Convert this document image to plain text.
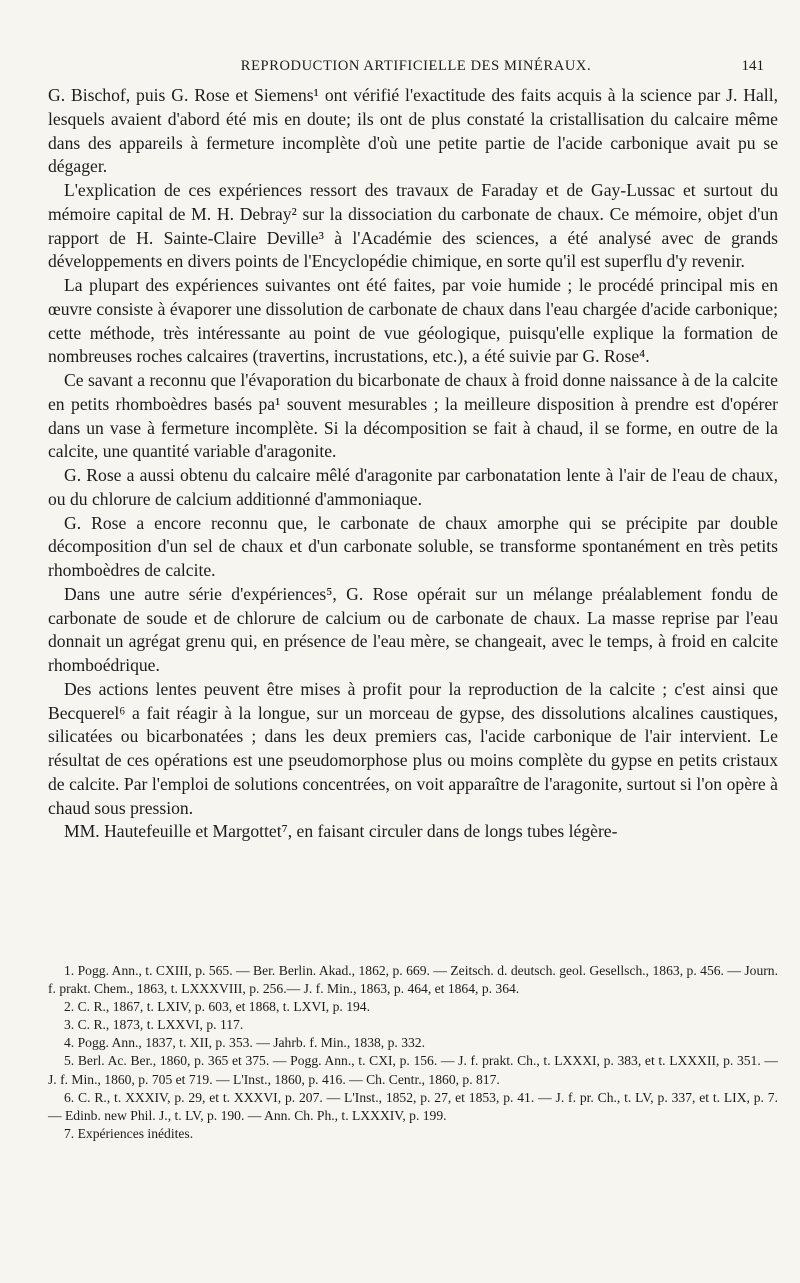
REPRODUCTION ARTIFICIELLE DES MINÉRAUX.	141

G. Bischof, puis G. Rose et Siemens¹ ont vérifié l'exactitude des faits acquis à la science par J. Hall, lesquels avaient d'abord été mis en doute; ils ont de plus constaté la cristallisation du calcaire même dans des appareils à fermeture incomplète d'où une petite partie de l'acide carbonique avait pu se dégager.

L'explication de ces expériences ressort des travaux de Faraday et de Gay-Lussac et surtout du mémoire capital de M. H. Debray² sur la dissociation du carbonate de chaux. Ce mémoire, objet d'un rapport de H. Sainte-Claire Deville³ à l'Académie des sciences, a été analysé avec de grands développements en divers points de l'Encyclopédie chimique, en sorte qu'il est superflu d'y revenir.

La plupart des expériences suivantes ont été faites, par voie humide ; le procédé principal mis en œuvre consiste à évaporer une dissolution de carbonate de chaux dans l'eau chargée d'acide carbonique; cette méthode, très intéressante au point de vue géologique, puisqu'elle explique la formation de nombreuses roches calcaires (travertins, incrustations, etc.), a été suivie par G. Rose⁴.

Ce savant a reconnu que l'évaporation du bicarbonate de chaux à froid donne naissance à de la calcite en petits rhomboèdres basés pa¹ souvent mesurables ; la meilleure disposition à prendre est d'opérer dans un vase à fermeture incomplète. Si la décomposition se fait à chaud, il se forme, en outre de la calcite, une quantité variable d'aragonite.

G. Rose a aussi obtenu du calcaire mêlé d'aragonite par carbonatation lente à l'air de l'eau de chaux, ou du chlorure de calcium additionné d'ammoniaque.

G. Rose a encore reconnu que, le carbonate de chaux amorphe qui se précipite par double décomposition d'un sel de chaux et d'un carbonate soluble, se transforme spontanément en très petits rhomboèdres de calcite.

Dans une autre série d'expériences⁵, G. Rose opérait sur un mélange préalablement fondu de carbonate de soude et de chlorure de calcium ou de carbonate de chaux. La masse reprise par l'eau donnait un agrégat grenu qui, en présence de l'eau mère, se changeait, avec le temps, à froid en calcite rhomboédrique.

Des actions lentes peuvent être mises à profit pour la reproduction de la calcite ; c'est ainsi que Becquerel⁶ a fait réagir à la longue, sur un morceau de gypse, des dissolutions alcalines caustiques, silicatées ou bicarbonatées ; dans les deux premiers cas, l'acide carbonique de l'air intervient. Le résultat de ces opérations est une pseudomorphose plus ou moins complète du gypse en petits cristaux de calcite. Par l'emploi de solutions concentrées, on voit apparaître de l'aragonite, surtout si l'on opère à chaud sous pression.

MM. Hautefeuille et Margottet⁷, en faisant circuler dans de longs tubes légère-

1. Pogg. Ann., t. CXIII, p. 565. — Ber. Berlin. Akad., 1862, p. 669. — Zeitsch. d. deutsch. geol. Gesellsch., 1863, p. 456. — Journ. f. prakt. Chem., 1863, t. LXXXVIII, p. 256.— J. f. Min., 1863, p. 464, et 1864, p. 364.

2. C. R., 1867, t. LXIV, p. 603, et 1868, t. LXVI, p. 194.

3. C. R., 1873, t. LXXVI, p. 117.

4. Pogg. Ann., 1837, t. XII, p. 353. — Jahrb. f. Min., 1838, p. 332.

5. Berl. Ac. Ber., 1860, p. 365 et 375. — Pogg. Ann., t. CXI, p. 156. — J. f. prakt. Ch., t. LXXXI, p. 383, et t. LXXXII, p. 351. — J. f. Min., 1860, p. 705 et 719. — L'Inst., 1860, p. 416. — Ch. Centr., 1860, p. 817.

6. C. R., t. XXXIV, p. 29, et t. XXXVI, p. 207. — L'Inst., 1852, p. 27, et 1853, p. 41. — J. f. pr. Ch., t. LV, p. 337, et t. LIX, p. 7. — Edinb. new Phil. J., t. LV, p. 190. — Ann. Ch. Ph., t. LXXXIV, p. 199.

7. Expériences inédites.
